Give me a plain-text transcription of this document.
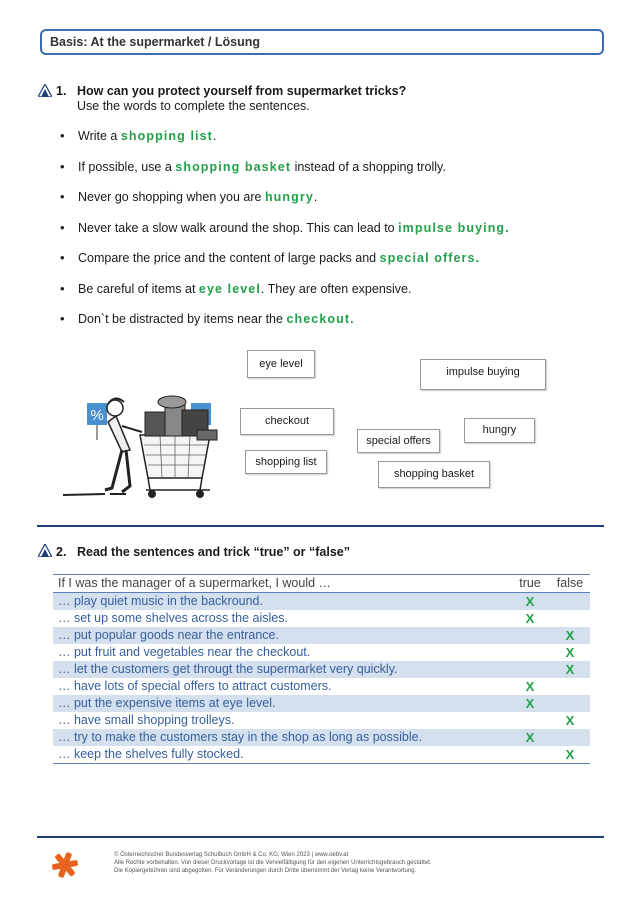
Basis: At the supermarket / Lösung
1. How can you protect yourself from supermarket tricks?
Use the words to complete the sentences.
• Write a shopping list.
• If possible, use a shopping basket instead of a shopping trolly.
• Never go shopping when you are hungry.
• Never take a slow walk around the shop. This can lead to impulse buying.
• Compare the price and the content of large packs and special offers.
• Be careful of items at eye level. They are often expensive.
• Don`t be distracted by items near the checkout.
%
eye level
impulse buying
checkout
hungry
special offers
shopping list
shopping basket
2. Read the sentences and trick “true” or “false”
If I was the manager of a supermarket, I would …	true	false
… play quiet music in the backround.	X	
… set up some shelves across the aisles.	X	
… put popular goods near the entrance.		X
… put fruit and vegetables near the checkout.		X
… let the customers get througt the supermarket very quickly.		X
… have lots of special offers to attract customers.	X	
… put the expensive items at eye level.	X	
… have small shopping trolleys.		X
… try to make the customers stay in the shop as long as possible.	X	
… keep the shelves fully stocked.		X
© Österreichischer Bundesverlag Schulbuch GmbH & Co. KG, Wien 2023 | www.oebv.at
Alle Rechte vorbehalten. Von dieser Druckvorlage ist die Vervielfältigung für den eigenen Unterrichtsgebrauch gestattet.
Die Kopiergebühren sind abgegolten. Für Veränderungen durch Dritte übernimmt der Verlag keine Verantwortung.
